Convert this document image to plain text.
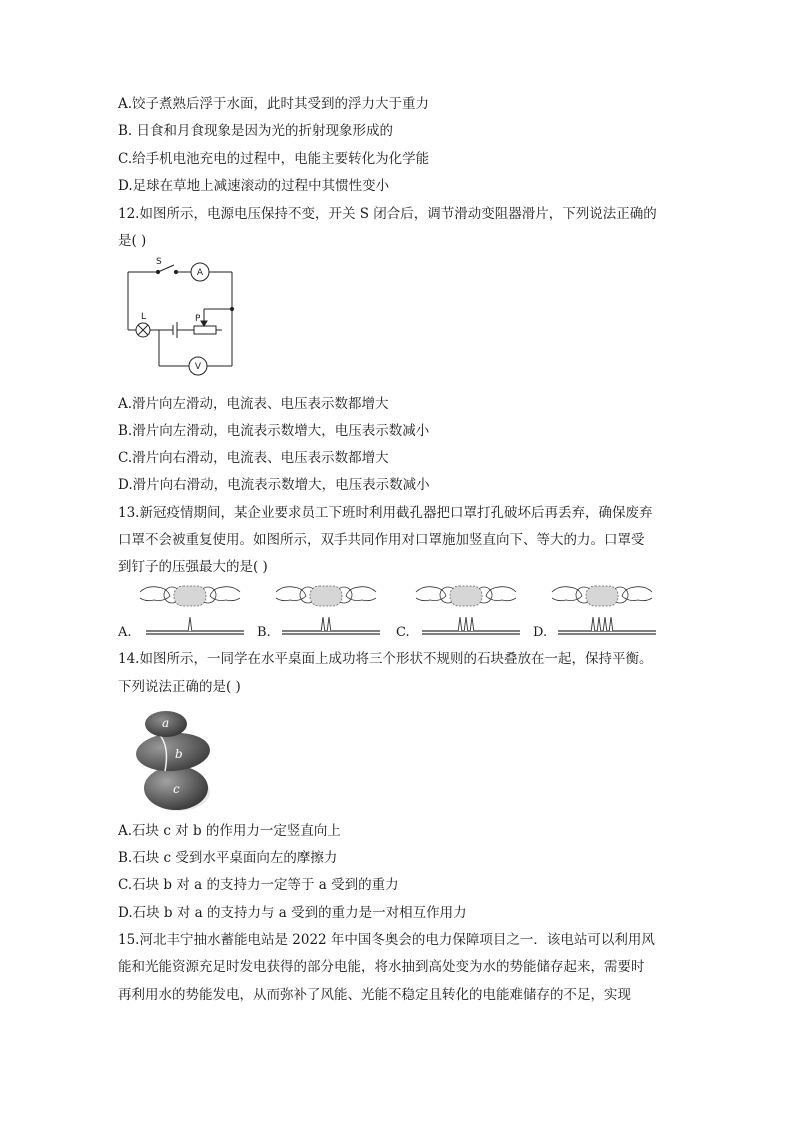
A.饺子煮熟后浮于水面，此时其受到的浮力大于重力
B. 日食和月食现象是因为光的折射现象形成的
C.给手机电池充电的过程中，电能主要转化为化学能
D.足球在草地上减速滚动的过程中其惯性变小
12.如图所示，电源电压保持不变，开关 S 闭合后，调节滑动变阻器滑片，下列说法正确的
是( )
S
A
L	P
V
A.滑片向左滑动，电流表、电压表示数都增大
B.滑片向左滑动，电流表示数增大，电压表示数减小
C.滑片向右滑动，电流表、电压表示数都增大
D.滑片向右滑动，电流表示数增大，电压表示数减小
13.新冠疫情期间，某企业要求员工下班时利用截孔器把口罩打孔破坏后再丢弃，确保废弃
口罩不会被重复使用。如图所示，双手共同作用对口罩施加竖直向下、等大的力。口罩受
到钉子的压强最大的是( )
A.	B.	C.	D.
14.如图所示，一同学在水平桌面上成功将三个形状不规则的石块叠放在一起，保持平衡。
下列说法正确的是( )
a
b
c
A.石块 c 对 b 的作用力一定竖直向上
B.石块 c 受到水平桌面向左的摩擦力
C.石块 b 对 a 的支持力一定等于 a 受到的重力
D.石块 b 对 a 的支持力与 a 受到的重力是一对相互作用力
15.河北丰宁抽水蓄能电站是 2022 年中国冬奥会的电力保障项目之一．该电站可以利用风
能和光能资源充足时发电获得的部分电能，将水抽到高处变为水的势能储存起来，需要时
再利用水的势能发电，从而弥补了风能、光能不稳定且转化的电能难储存的不足，实现
